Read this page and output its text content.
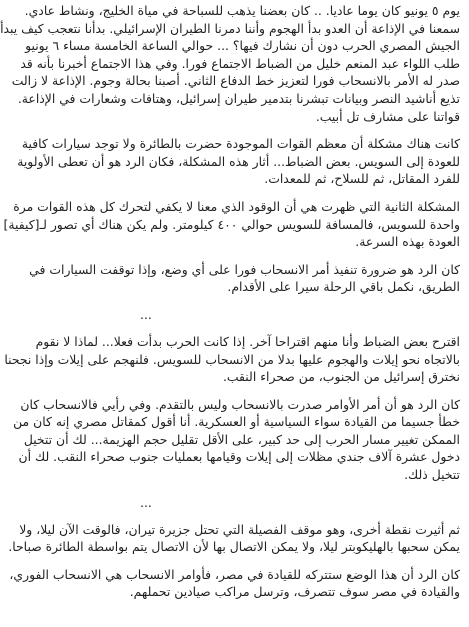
يوم ٥ يونيو كان يوما عاديا. .. كان بعضنا يذهب للسباحة في مياة الخليج، ونشاط عادي. سمعنا في الإذاعة أن العدو بدأ الهجوم وأننا دمرنا الطيران الإسرائيلي. بدأنا نتعجب كيف يبدأ الجيش المصري الحرب دون أن نشارك فيها؟ ... حوالي الساعة الخامسة مساء ٦ يونيو طلب اللواء عبد المنعم خليل من الضباط الاجتماع فورا. وفي هذا الاجتماع أخبرنا بأنه قد صدر له الأمر بالانسحاب فورا لتعزيز خط الدفاع الثاني. أصبنا بحالة وجوم. الإذاعة لا زالت تذيع أناشيد النصر وبيانات تبشرنا بتدمير طيران إسرائيل، وهتافات وشعارات في الإذاعة. قواتنا على مشارف تل أبيب.

كانت هناك مشكلة أن معظم القوات الموجودة حضرت بالطائرة ولا توجد سيارات كافية للعودة إلى السويس. بعض الضباط... أثار هذه المشكلة، فكان الرد هو أن تعطى الأولوية للفرد المقاتل، ثم للسلاح، ثم للمعدات.

المشكلة الثانية التي ظهرت هي أن الوقود الذي معنا لا يكفي لتحرك كل هذه القوات مرة واحدة للسويس، فالمسافة للسويس حوالي ٤٠٠ كيلومتر. ولم يكن هناك أي تصور لـ[كيفية] العودة بهذه السرعة.

كان الرد هو ضرورة تنفيذ أمر الانسحاب فورا على أي وضع، وإذا توقفت السيارات في الطريق، نكمل باقي الرحلة سيرا على الأقدام.

...

اقترح بعض الضباط وأنا منهم اقتراحا آخر. إذا كانت الحرب بدأت فعلا... لماذا لا نقوم بالاتجاه نحو إيلات والهجوم عليها بدلا من الانسحاب للسويس. فلنهجم على إيلات وإذا نجحنا نخترق إسرائيل من الجنوب، من صحراء النقب.

كان الرد هو أن أمر الأوامر صدرت بالانسحاب وليس بالتقدم. وفي رأيي فالانسحاب كان خطأ جسيما من القيادة سواء السياسية أو العسكرية. أنا أقول كمقاتل مصري إنه كان من الممكن تغيير مسار الحرب إلى حد كبير، على الأقل تقليل حجم الهزيمة... لك أن تتخيل دخول عشرة آلاف جندي مظلات إلى إيلات وقيامها بعمليات جنوب صحراء النقب. لك أن تتخيل ذلك.

...

ثم أثيرت نقطة أخرى، وهو موقف الفصيلة التي تحتل جزيرة تيران، فالوقت الآن ليلا، ولا يمكن سحبها بالهليكوبتر ليلا، ولا يمكن الاتصال بها لأن الاتصال يتم بواسطة الطائرة صباحا.

كان الرد أن هذا الوضع ستتركه للقيادة في مصر، فأوامر الانسحاب هي الانسحاب الفوري، والقيادة في مصر سوف تتصرف، وترسل مراكب صيادين تحملهم.
